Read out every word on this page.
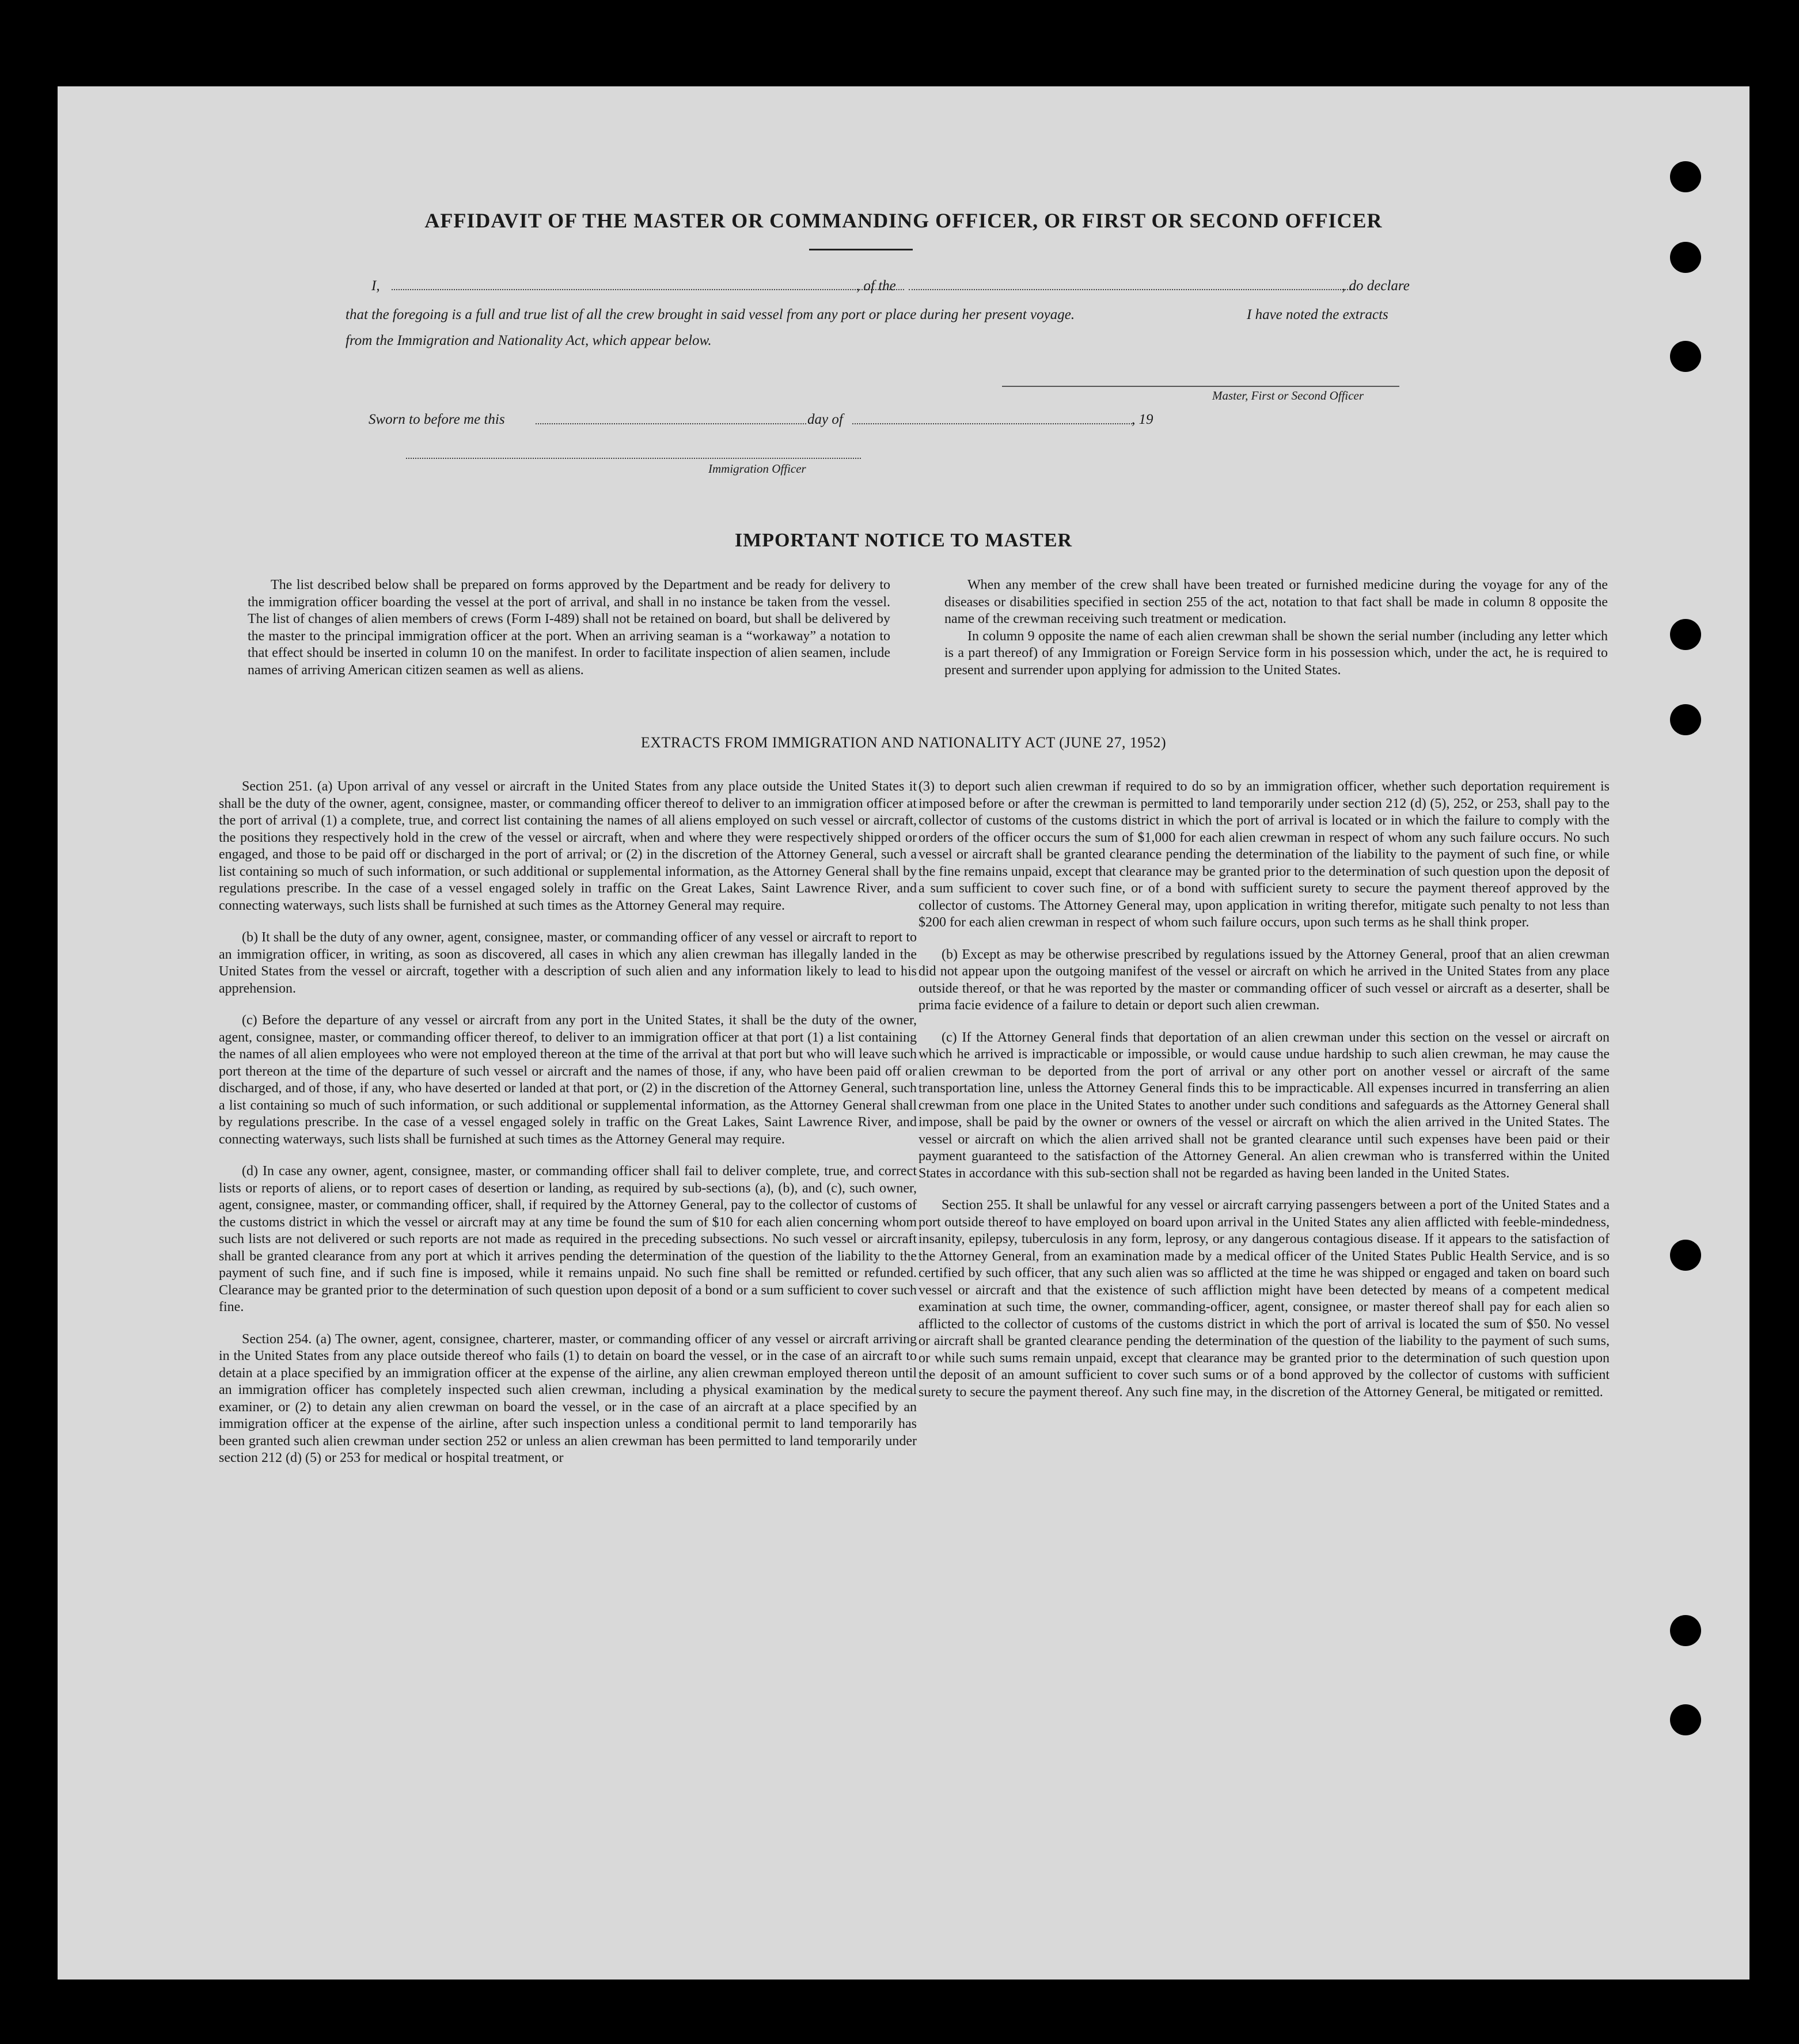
AFFIDAVIT OF THE MASTER OR COMMANDING OFFICER, OR FIRST OR SECOND OFFICER
I,	, of the	, do declare
that the foregoing is a full and true list of all the crew brought in said vessel from any port or place during her present voyage.	I have noted the extracts
from the Immigration and Nationality Act, which appear below.
Master, First or Second Officer
Sworn to before me this	day of	, 19
Immigration Officer
IMPORTANT NOTICE TO MASTER

The list described below shall be prepared on forms approved by the Department and be ready for delivery to the immigration officer boarding the vessel at the port of arrival, and shall in no instance be taken from the vessel. The list of changes of alien members of crews (Form I-489) shall not be retained on board, but shall be delivered by the master to the principal immigration officer at the port. When an arriving seaman is a “workaway” a notation to that effect should be inserted in column 10 on the manifest. In order to facilitate inspection of alien seamen, include names of arriving American citizen seamen as well as aliens.

When any member of the crew shall have been treated or furnished medicine during the voyage for any of the diseases or disabilities specified in section 255 of the act, notation to that fact shall be made in column 8 opposite the name of the crewman receiving such treatment or medication.

In column 9 opposite the name of each alien crewman shall be shown the serial number (including any letter which is a part thereof) of any Immigration or Foreign Service form in his possession which, under the act, he is required to present and surrender upon applying for admission to the United States.

EXTRACTS FROM IMMIGRATION AND NATIONALITY ACT (JUNE 27, 1952)

Section 251. (a) Upon arrival of any vessel or aircraft in the United States from any place outside the United States it shall be the duty of the owner, agent, consignee, master, or commanding officer thereof to deliver to an immigration officer at the port of arrival (1) a complete, true, and correct list containing the names of all aliens employed on such vessel or aircraft, the positions they respectively hold in the crew of the vessel or aircraft, when and where they were respectively shipped or engaged, and those to be paid off or discharged in the port of arrival; or (2) in the discretion of the Attorney General, such a list containing so much of such information, or such additional or supplemental information, as the Attorney General shall by regulations prescribe. In the case of a vessel engaged solely in traffic on the Great Lakes, Saint Lawrence River, and connecting waterways, such lists shall be furnished at such times as the Attorney General may require.

(b) It shall be the duty of any owner, agent, consignee, master, or commanding officer of any vessel or aircraft to report to an immigration officer, in writing, as soon as discovered, all cases in which any alien crewman has illegally landed in the United States from the vessel or aircraft, together with a description of such alien and any information likely to lead to his apprehension.

(c) Before the departure of any vessel or aircraft from any port in the United States, it shall be the duty of the owner, agent, consignee, master, or commanding officer thereof, to deliver to an immigration officer at that port (1) a list containing the names of all alien employees who were not employed thereon at the time of the arrival at that port but who will leave such port thereon at the time of the departure of such vessel or aircraft and the names of those, if any, who have been paid off or discharged, and of those, if any, who have deserted or landed at that port, or (2) in the discretion of the Attorney General, such a list containing so much of such information, or such additional or supplemental information, as the Attorney General shall by regulations prescribe. In the case of a vessel engaged solely in traffic on the Great Lakes, Saint Lawrence River, and connecting waterways, such lists shall be furnished at such times as the Attorney General may require.

(d) In case any owner, agent, consignee, master, or commanding officer shall fail to deliver complete, true, and correct lists or reports of aliens, or to report cases of desertion or landing, as required by sub-sections (a), (b), and (c), such owner, agent, consignee, master, or commanding officer, shall, if required by the Attorney General, pay to the collector of customs of the customs district in which the vessel or aircraft may at any time be found the sum of $10 for each alien concerning whom such lists are not delivered or such reports are not made as required in the preceding subsections. No such vessel or aircraft shall be granted clearance from any port at which it arrives pending the determination of the question of the liability to the payment of such fine, and if such fine is imposed, while it remains unpaid. No such fine shall be remitted or refunded. Clearance may be granted prior to the determination of such question upon deposit of a bond or a sum sufficient to cover such fine.

Section 254. (a) The owner, agent, consignee, charterer, master, or commanding officer of any vessel or aircraft arriving in the United States from any place outside thereof who fails (1) to detain on board the vessel, or in the case of an aircraft to detain at a place specified by an immigration officer at the expense of the airline, any alien crewman employed thereon until an immigration officer has completely inspected such alien crewman, including a physical examination by the medical examiner, or (2) to detain any alien crewman on board the vessel, or in the case of an aircraft at a place specified by an immigration officer at the expense of the airline, after such inspection unless a conditional permit to land temporarily has been granted such alien crewman under section 252 or unless an alien crewman has been permitted to land temporarily under section 212 (d) (5) or 253 for medical or hospital treatment, or

(3) to deport such alien crewman if required to do so by an immigration officer, whether such deportation requirement is imposed before or after the crewman is permitted to land temporarily under section 212 (d) (5), 252, or 253, shall pay to the collector of customs of the customs district in which the port of arrival is located or in which the failure to comply with the orders of the officer occurs the sum of $1,000 for each alien crewman in respect of whom any such failure occurs. No such vessel or aircraft shall be granted clearance pending the determination of the liability to the payment of such fine, or while the fine remains unpaid, except that clearance may be granted prior to the determination of such question upon the deposit of a sum sufficient to cover such fine, or of a bond with sufficient surety to secure the payment thereof approved by the collector of customs. The Attorney General may, upon application in writing therefor, mitigate such penalty to not less than $200 for each alien crewman in respect of whom such failure occurs, upon such terms as he shall think proper.

(b) Except as may be otherwise prescribed by regulations issued by the Attorney General, proof that an alien crewman did not appear upon the outgoing manifest of the vessel or aircraft on which he arrived in the United States from any place outside thereof, or that he was reported by the master or commanding officer of such vessel or aircraft as a deserter, shall be prima facie evidence of a failure to detain or deport such alien crewman.

(c) If the Attorney General finds that deportation of an alien crewman under this section on the vessel or aircraft on which he arrived is impracticable or impossible, or would cause undue hardship to such alien crewman, he may cause the alien crewman to be deported from the port of arrival or any other port on another vessel or aircraft of the same transportation line, unless the Attorney General finds this to be impracticable. All expenses incurred in transferring an alien crewman from one place in the United States to another under such conditions and safeguards as the Attorney General shall impose, shall be paid by the owner or owners of the vessel or aircraft on which the alien arrived in the United States. The vessel or aircraft on which the alien arrived shall not be granted clearance until such expenses have been paid or their payment guaranteed to the satisfaction of the Attorney General. An alien crewman who is transferred within the United States in accordance with this sub-section shall not be regarded as having been landed in the United States.

Section 255. It shall be unlawful for any vessel or aircraft carrying passengers between a port of the United States and a port outside thereof to have employed on board upon arrival in the United States any alien afflicted with feeble-mindedness, insanity, epilepsy, tuberculosis in any form, leprosy, or any dangerous contagious disease. If it appears to the satisfaction of the Attorney General, from an examination made by a medical officer of the United States Public Health Service, and is so certified by such officer, that any such alien was so afflicted at the time he was shipped or engaged and taken on board such vessel or aircraft and that the existence of such affliction might have been detected by means of a competent medical examination at such time, the owner, commanding-officer, agent, consignee, or master thereof shall pay for each alien so afflicted to the collector of customs of the customs district in which the port of arrival is located the sum of $50. No vessel or aircraft shall be granted clearance pending the determination of the question of the liability to the payment of such sums, or while such sums remain unpaid, except that clearance may be granted prior to the determination of such question upon the deposit of an amount sufficient to cover such sums or of a bond approved by the collector of customs with sufficient surety to secure the payment thereof. Any such fine may, in the discretion of the Attorney General, be mitigated or remitted.
